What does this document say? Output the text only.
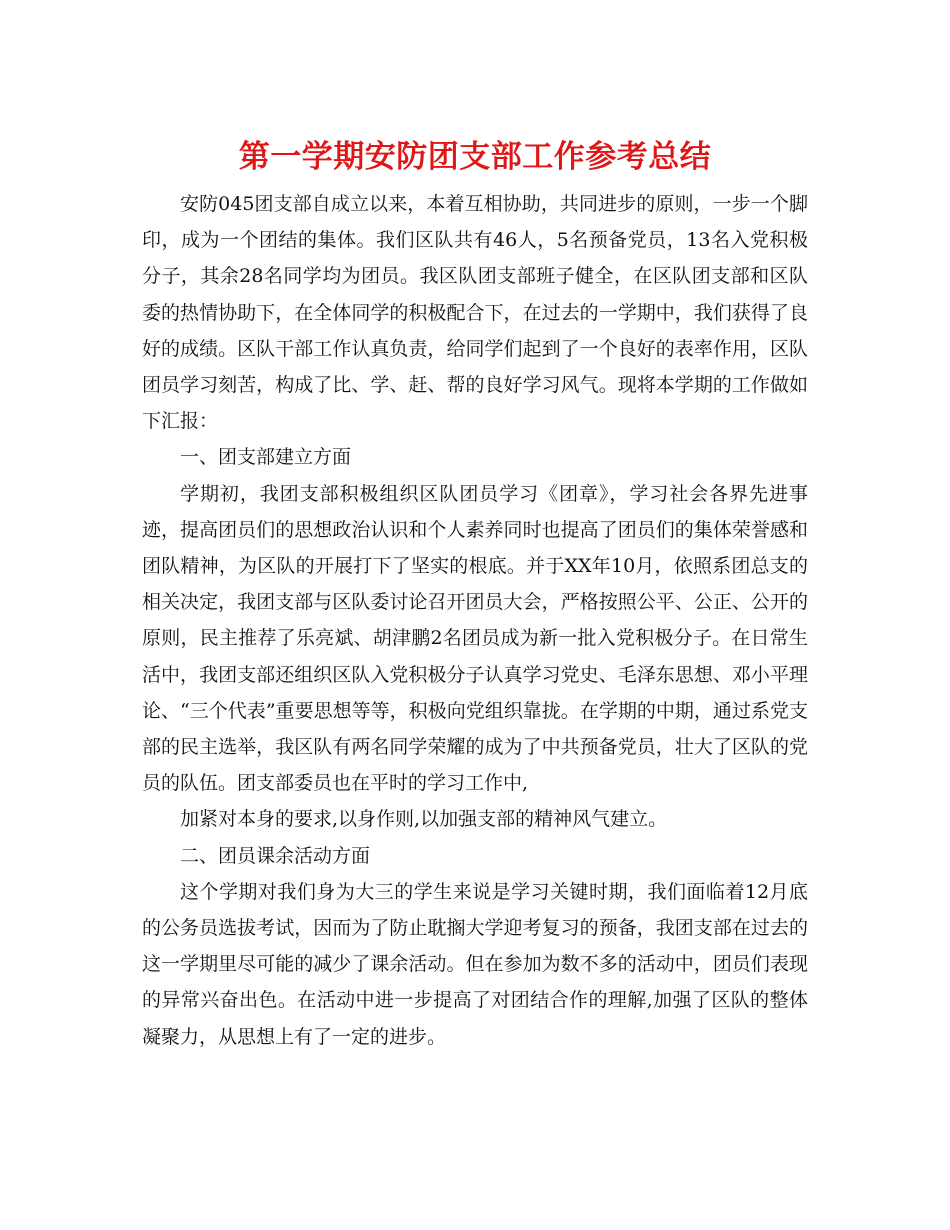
第一学期安防团支部工作参考总结

安防045团支部自成立以来，本着互相协助，共同进步的原则，一步一个脚印，成为一个团结的集体。我们区队共有46人，5名预备党员，13名入党积极分子，其余28名同学均为团员。我区队团支部班子健全，在区队团支部和区队委的热情协助下，在全体同学的积极配合下，在过去的一学期中，我们获得了良好的成绩。区队干部工作认真负责，给同学们起到了一个良好的表率作用，区队团员学习刻苦，构成了比、学、赶、帮的良好学习风气。现将本学期的工作做如下汇报：

一、团支部建立方面

学期初，我团支部积极组织区队团员学习《团章》，学习社会各界先进事迹，提高团员们的思想政治认识和个人素养同时也提高了团员们的集体荣誉感和团队精神，为区队的开展打下了坚实的根底。并于XX年10月，依照系团总支的相关决定，我团支部与区队委讨论召开团员大会，严格按照公平、公正、公开的原则，民主推荐了乐亮斌、胡津鹏2名团员成为新一批入党积极分子。在日常生活中，我团支部还组织区队入党积极分子认真学习党史、毛泽东思想、邓小平理论、“三个代表”重要思想等等，积极向党组织靠拢。在学期的中期，通过系党支部的民主选举，我区队有两名同学荣耀的成为了中共预备党员，壮大了区队的党员的队伍。团支部委员也在平时的学习工作中,

加紧对本身的要求,以身作则,以加强支部的精神风气建立。

二、团员课余活动方面

这个学期对我们身为大三的学生来说是学习关键时期，我们面临着12月底的公务员选拔考试，因而为了防止耽搁大学迎考复习的预备，我团支部在过去的这一学期里尽可能的减少了课余活动。但在参加为数不多的活动中，团员们表现的异常兴奋出色。在活动中进一步提高了对团结合作的理解,加强了区队的整体凝聚力，从思想上有了一定的进步。
